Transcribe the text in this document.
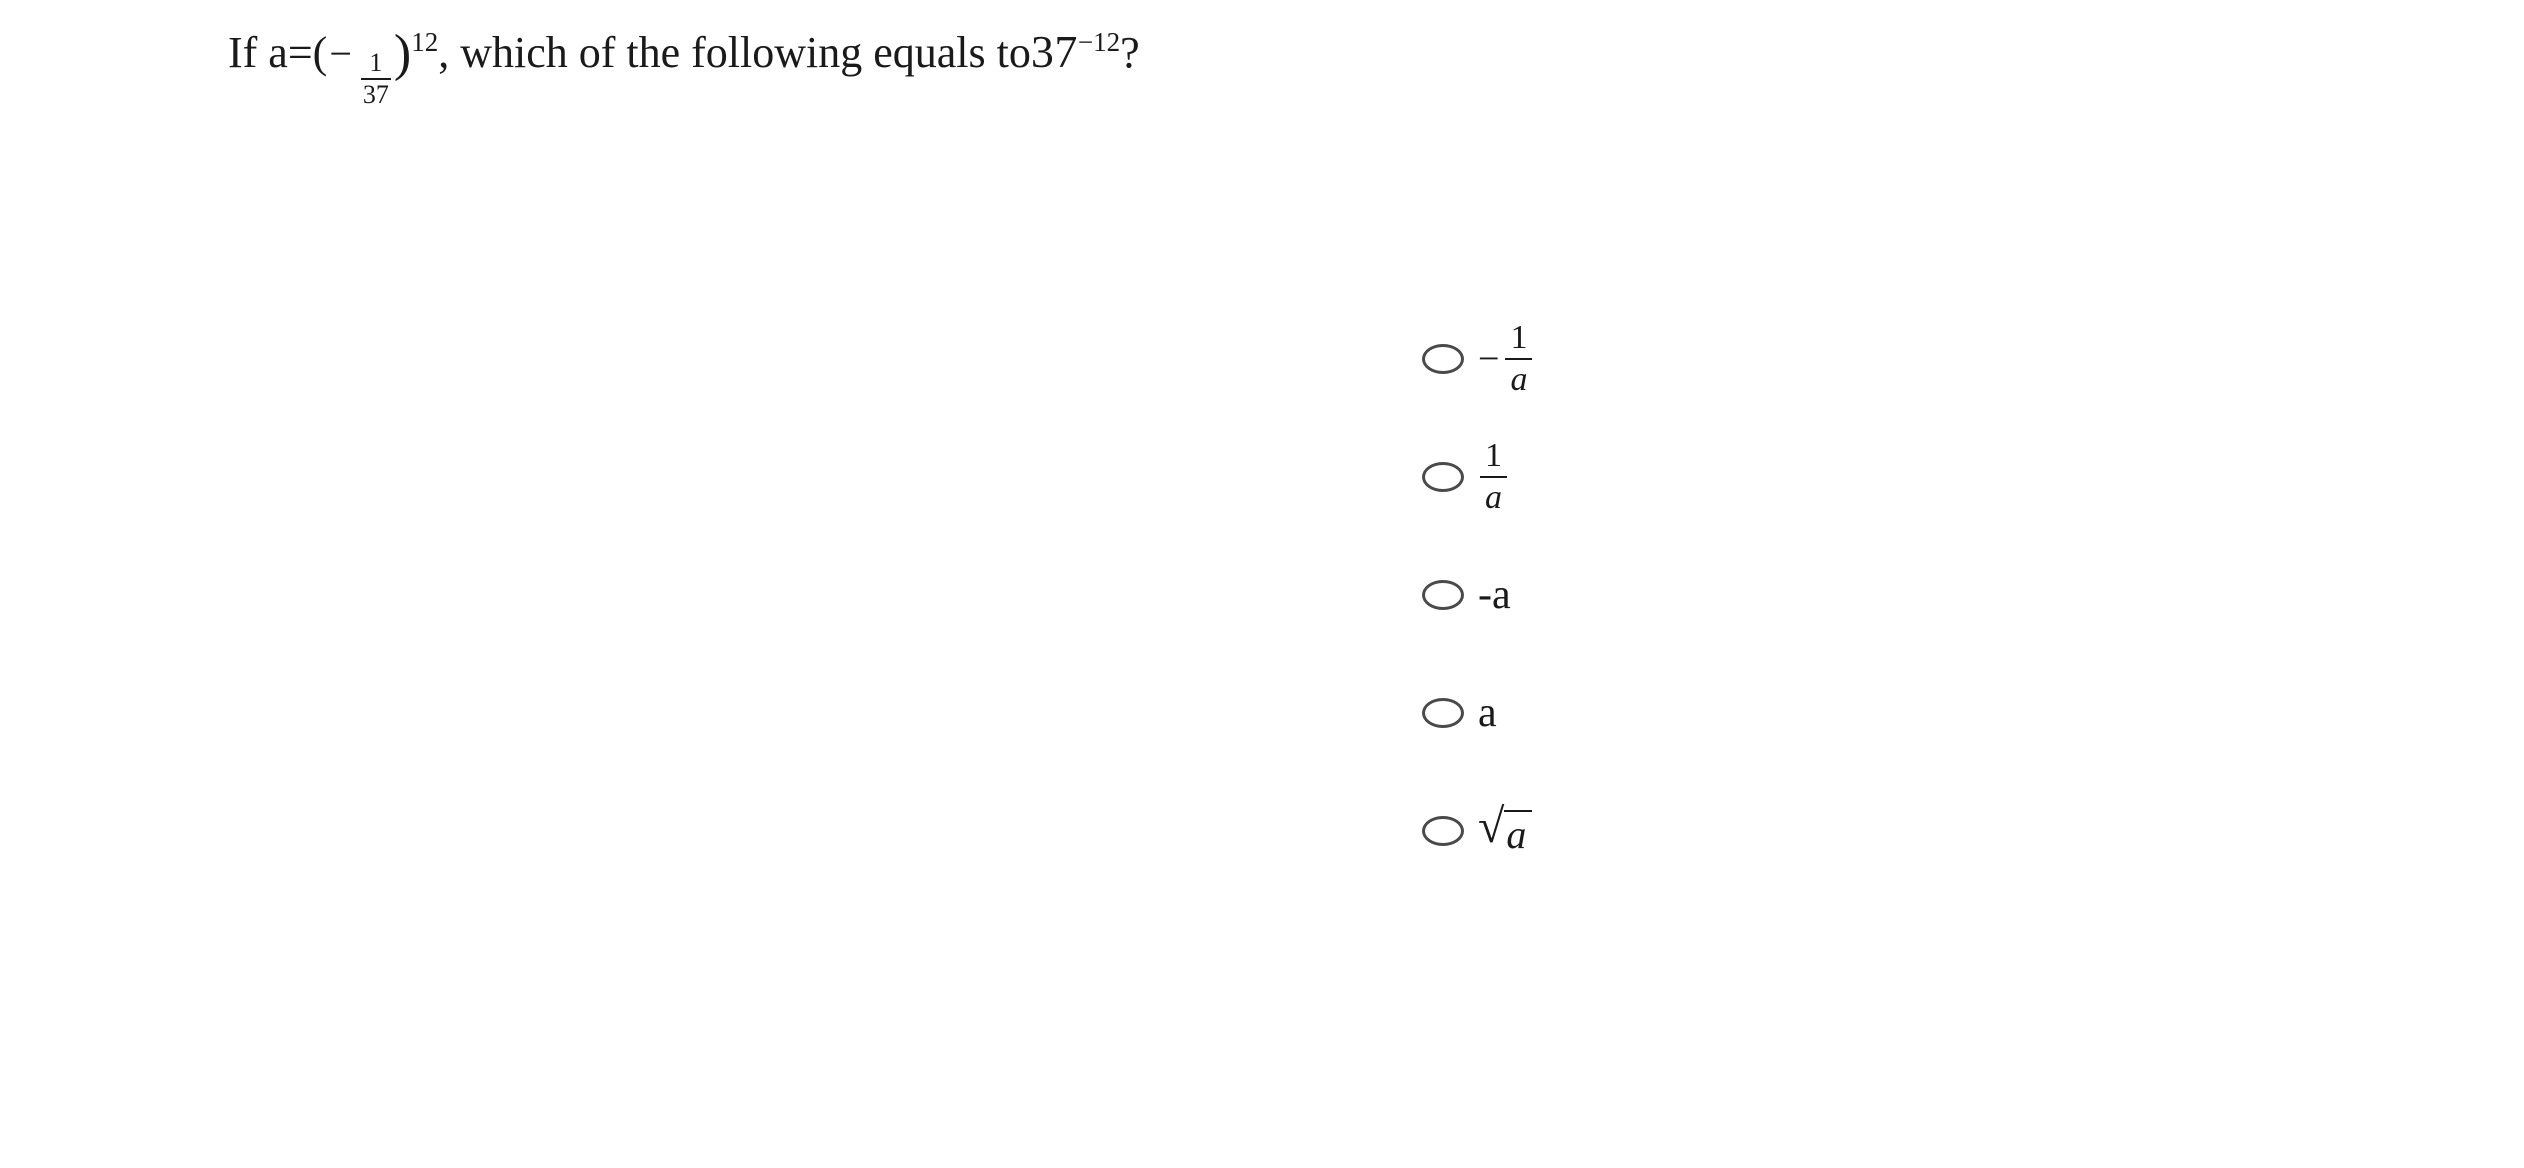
If $a=( - \frac{1}{37}$ ) 12 , which of the following equals to 37 −12 ?
− $\frac{1}{a}$
$\frac{1}{a}$
-a
a
√ a
